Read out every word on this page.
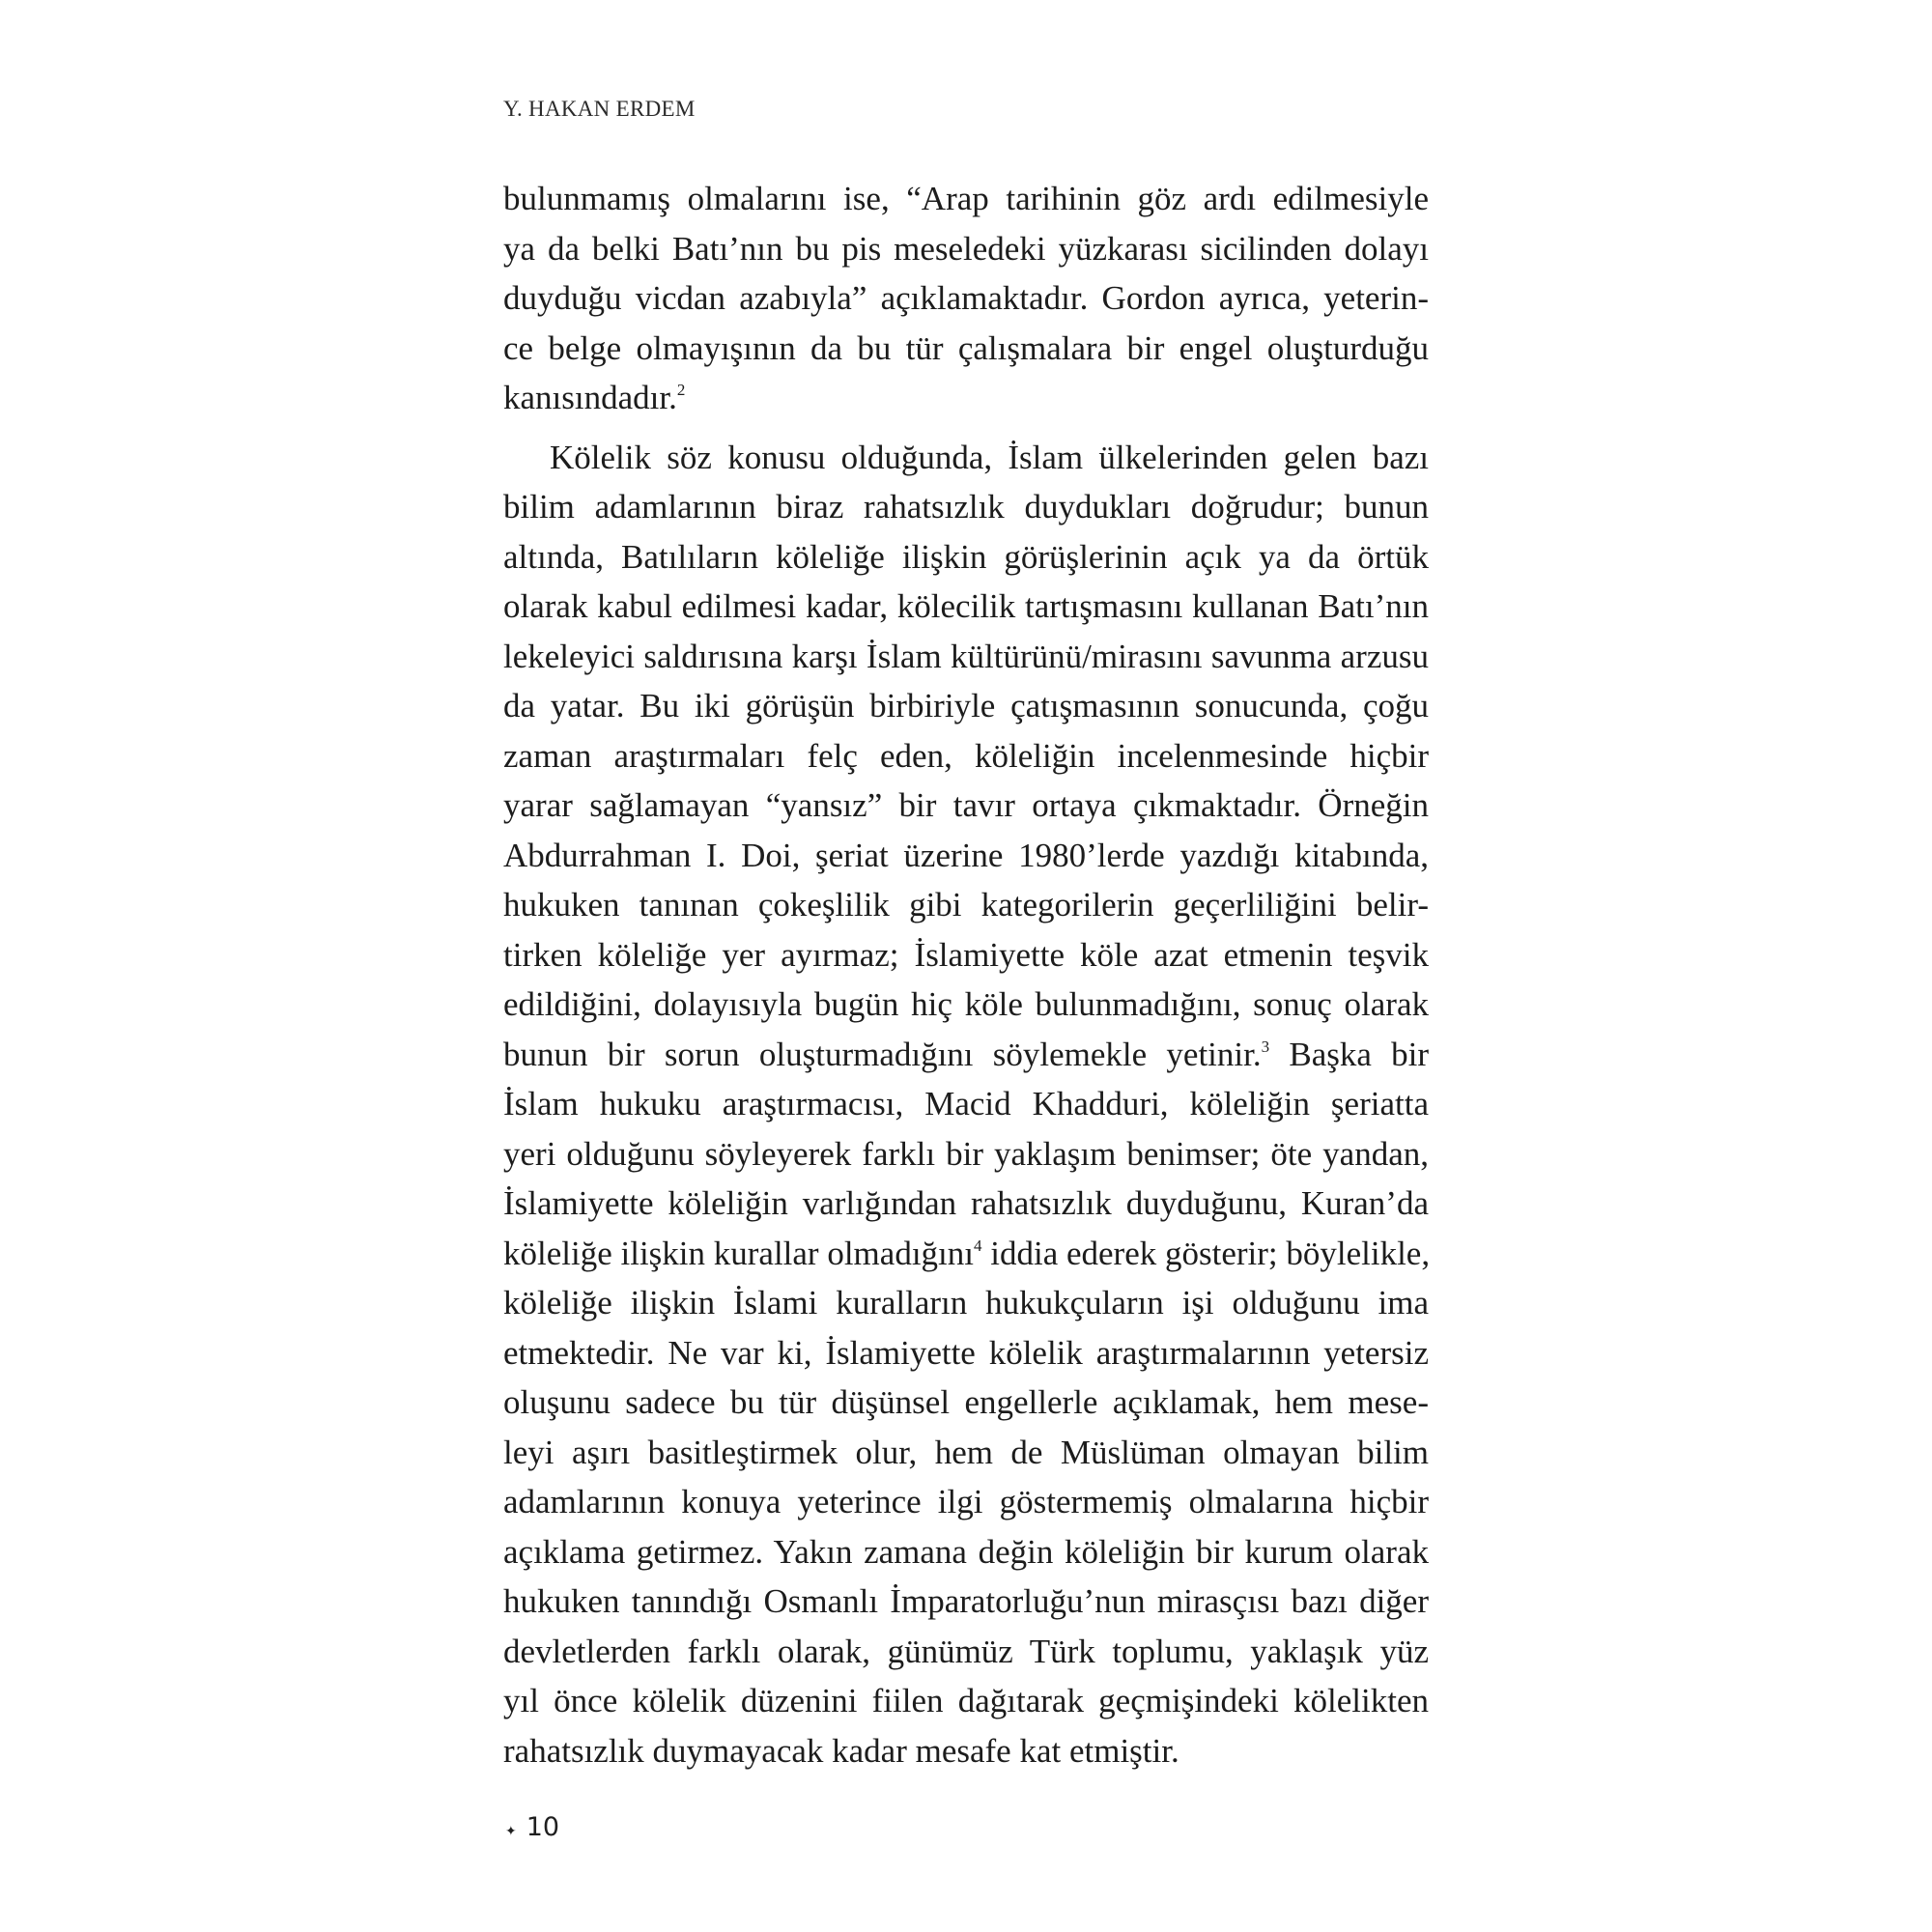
Y. HAKAN ERDEM
bulunmamış olmalarını ise, “Arap tarihinin göz ardı edilmesiyle
ya da belki Batı’nın bu pis meseledeki yüzkarası sicilinden dolayı
duyduğu vicdan azabıyla” açıklamaktadır. Gordon ayrıca, yeterin-
ce belge olmayışının da bu tür çalışmalara bir engel oluşturduğu
kanısındadır.$^2$
Kölelik söz konusu olduğunda, İslam ülkelerinden gelen bazı
bilim adamlarının biraz rahatsızlık duydukları doğrudur; bunun
altında, Batılıların köleliğe ilişkin görüşlerinin açık ya da örtük
olarak kabul edilmesi kadar, kölecilik tartışmasını kullanan Batı’nın
lekeleyici saldırısına karşı İslam kültürünü/mirasını savunma arzusu
da yatar. Bu iki görüşün birbiriyle çatışmasının sonucunda, çoğu
zaman araştırmaları felç eden, köleliğin incelenmesinde hiçbir
yarar sağlamayan “yansız” bir tavır ortaya çıkmaktadır. Örneğin
Abdurrahman I. Doi, şeriat üzerine 1980’lerde yazdığı kitabında,
hukuken tanınan çokeşlilik gibi kategorilerin geçerliliğini belir-
tirken köleliğe yer ayırmaz; İslamiyette köle azat etmenin teşvik
edildiğini, dolayısıyla bugün hiç köle bulunmadığını, sonuç olarak
bunun bir sorun oluşturmadığını söylemekle yetinir.$^3$ Başka bir
İslam hukuku araştırmacısı, Macid Khadduri, köleliğin şeriatta
yeri olduğunu söyleyerek farklı bir yaklaşım benimser; öte yandan,
İslamiyette köleliğin varlığından rahatsızlık duyduğunu, Kuran’da
köleliğe ilişkin kurallar olmadığını$^4$ iddia ederek gösterir; böylelikle,
köleliğe ilişkin İslami kuralların hukukçuların işi olduğunu ima
etmektedir. Ne var ki, İslamiyette kölelik araştırmalarının yetersiz
oluşunu sadece bu tür düşünsel engellerle açıklamak, hem mese-
leyi aşırı basitleştirmek olur, hem de Müslüman olmayan bilim
adamlarının konuya yeterince ilgi göstermemiş olmalarına hiçbir
açıklama getirmez. Yakın zamana değin köleliğin bir kurum olarak
hukuken tanındığı Osmanlı İmparatorluğu’nun mirasçısı bazı diğer
devletlerden farklı olarak, günümüz Türk toplumu, yaklaşık yüz
yıl önce kölelik düzenini fiilen dağıtarak geçmişindeki kölelikten
rahatsızlık duymayacak kadar mesafe kat etmiştir.
✦ 10
